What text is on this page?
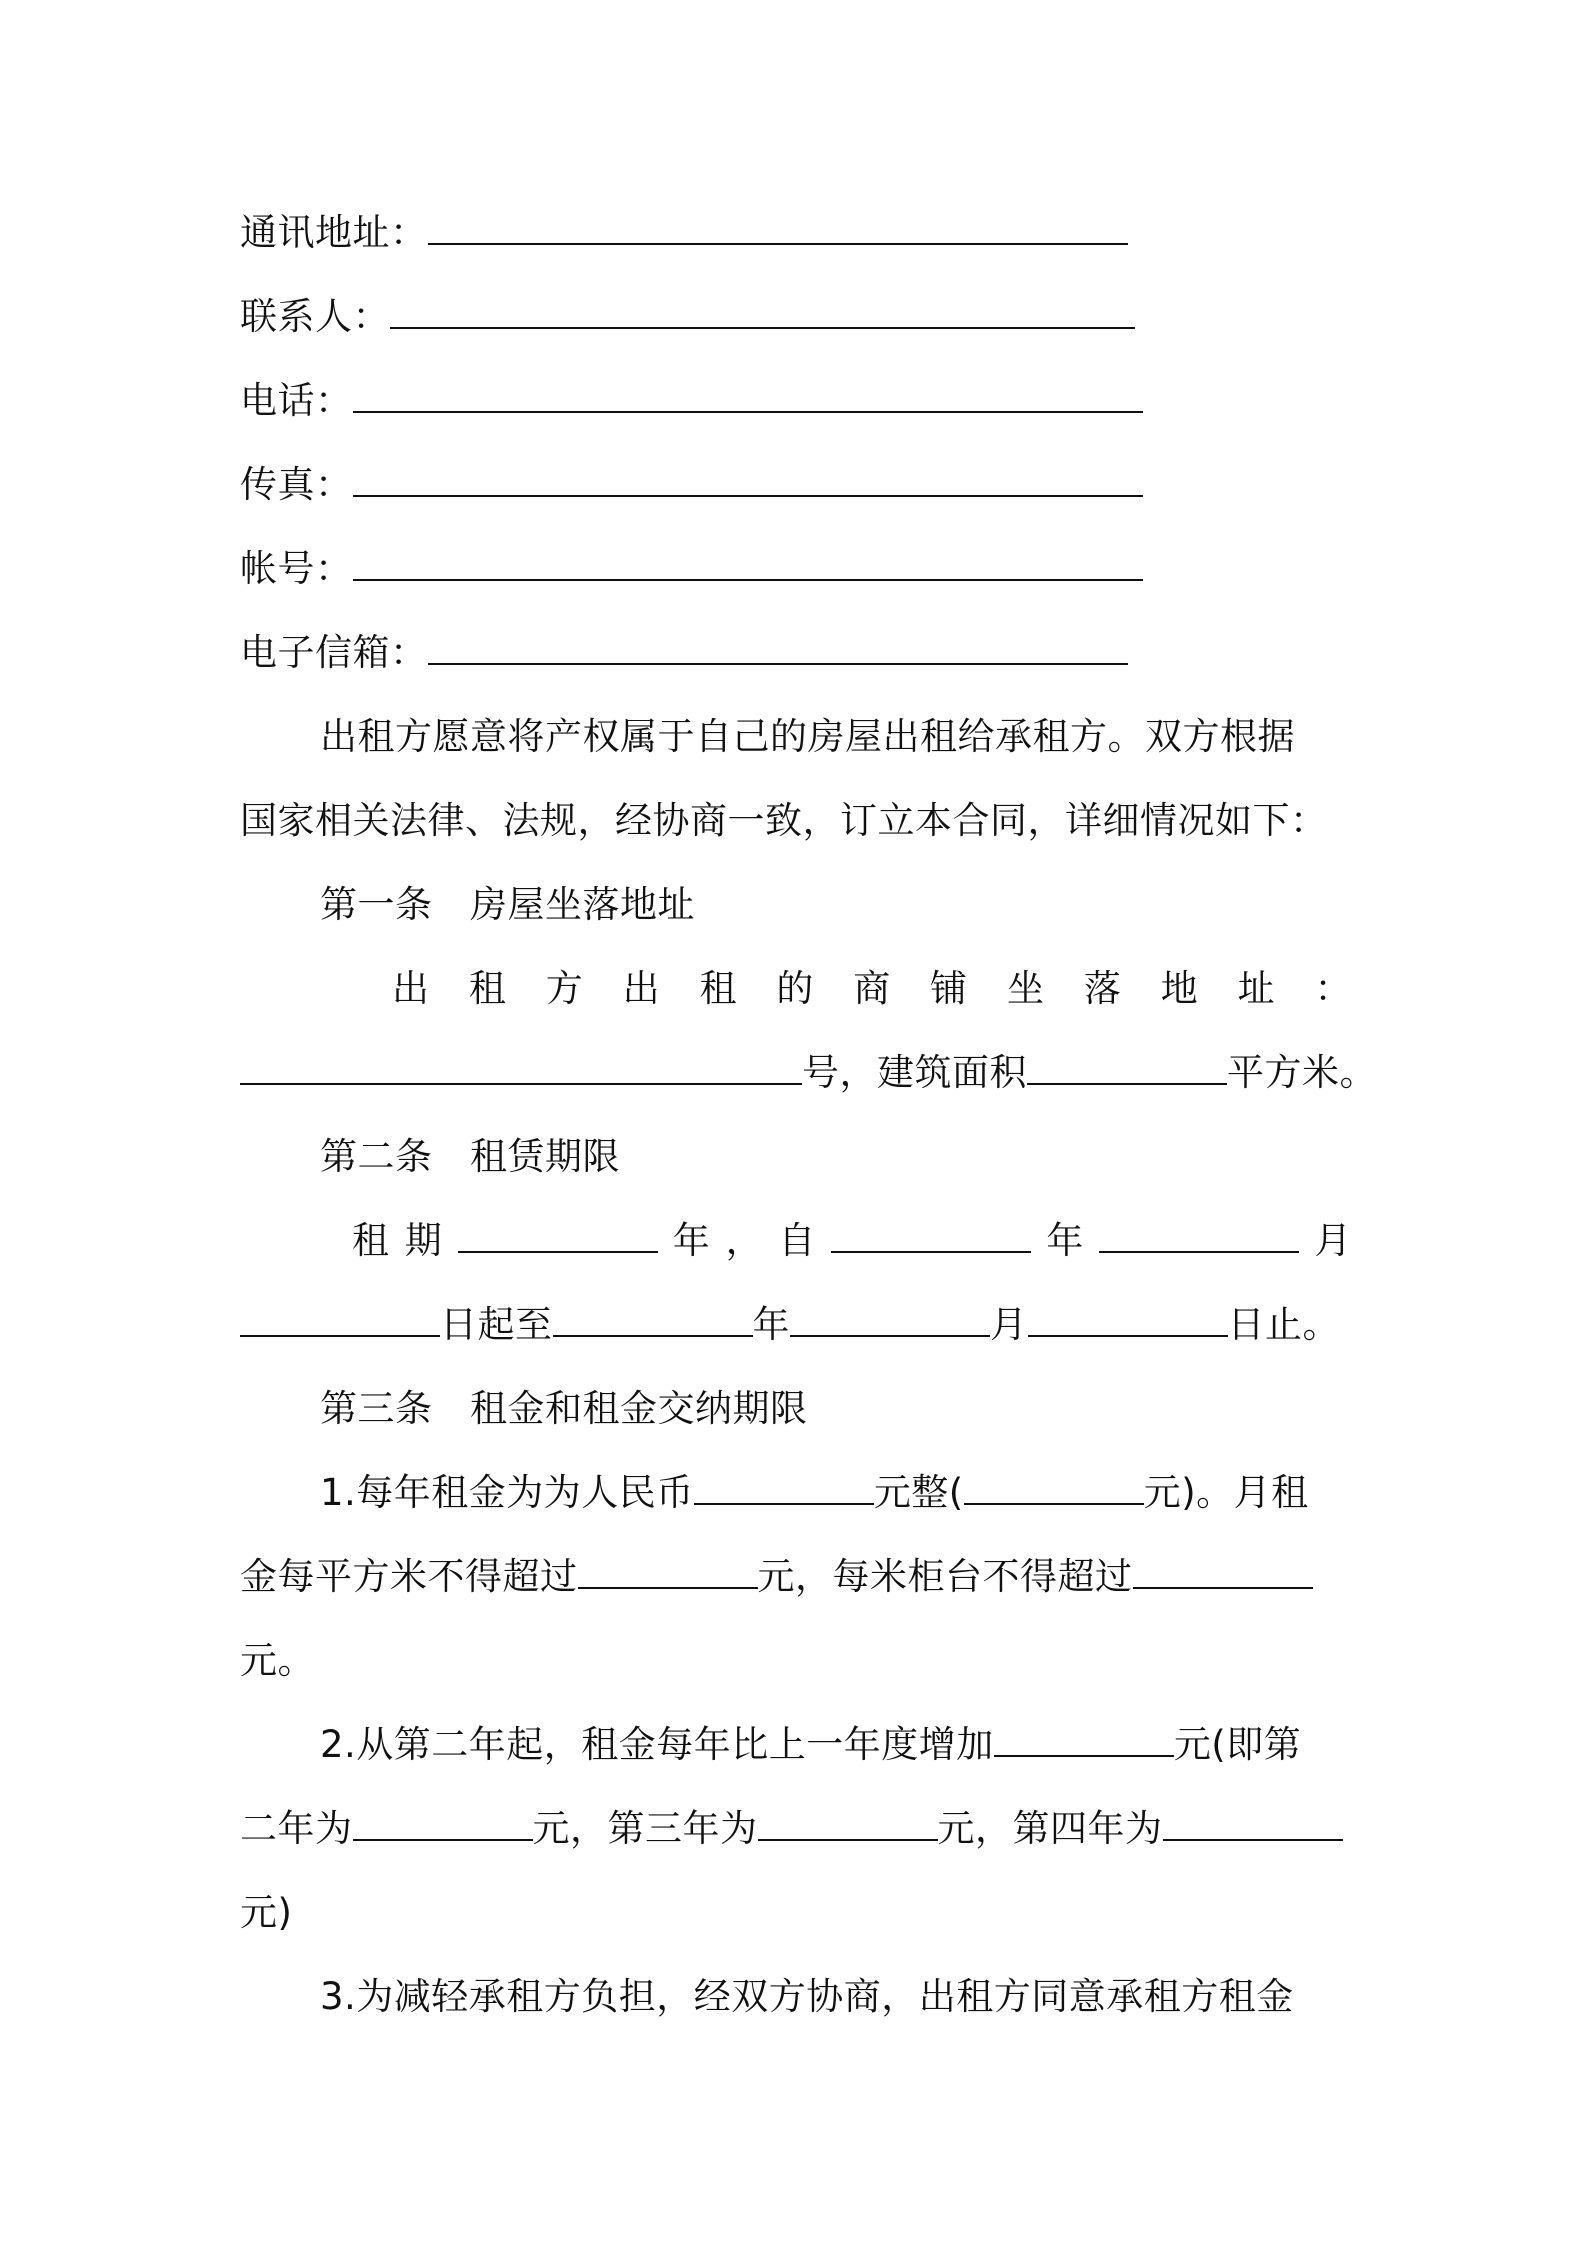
通讯地址：
联系人：
电话：
传真：
帐号：
电子信箱：
出租方愿意将产权属于自己的房屋出租给承租方。双方根据
国家相关法律、法规，经协商一致，订立本合同，详细情况如下：
第一条　房屋坐落地址
出 租 方 出 租 的 商 铺 坐 落 地 址 ：
号，建筑面积	平方米。
第二条　租赁期限
租 期	年 ， 自	年	月
日起至	年	月	日止。
第三条　租金和租金交纳期限
1.每年租金为为人民币	元整(	元)。月租
金每平方米不得超过	元，每米柜台不得超过
元。
2.从第二年起，租金每年比上一年度增加	元(即第
二年为	元，第三年为	元，第四年为
元)
3.为减轻承租方负担，经双方协商，出租方同意承租方租金
